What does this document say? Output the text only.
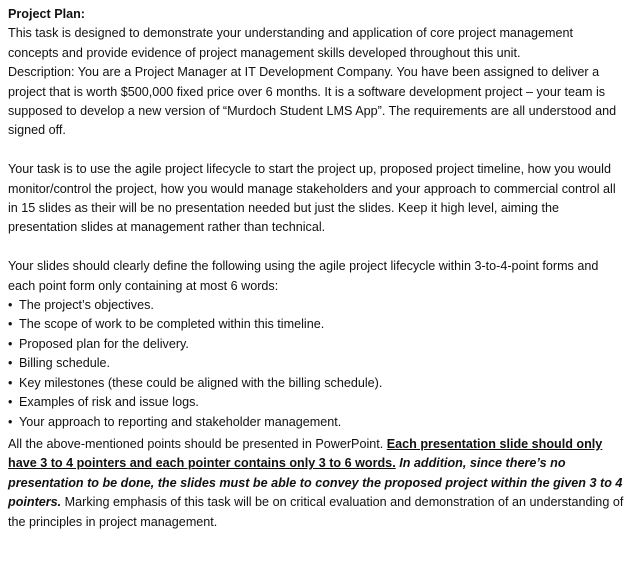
Project Plan:

This task is designed to demonstrate your understanding and application of core project management concepts and provide evidence of project management skills developed throughout this unit.

Description: You are a Project Manager at IT Development Company. You have been assigned to deliver a project that is worth $500,000 fixed price over 6 months. It is a software development project – your team is supposed to develop a new version of “Murdoch Student LMS App”. The requirements are all understood and signed off.

Your task is to use the agile project lifecycle to start the project up, proposed project timeline, how you would monitor/control the project, how you would manage stakeholders and your approach to commercial control all in 15 slides as their will be no presentation needed but just the slides. Keep it high level, aiming the presentation slides at management rather than technical.

Your slides should clearly define the following using the agile project lifecycle within 3-to-4-point forms and each point form only containing at most 6 words:

• The project’s objectives.
• The scope of work to be completed within this timeline.
• Proposed plan for the delivery.
• Billing schedule.
• Key milestones (these could be aligned with the billing schedule).
• Examples of risk and issue logs.
• Your approach to reporting and stakeholder management.

All the above-mentioned points should be presented in PowerPoint. Each presentation slide should only have 3 to 4 pointers and each pointer contains only 3 to 6 words. In addition, since there’s no presentation to be done, the slides must be able to convey the proposed project within the given 3 to 4 pointers. Marking emphasis of this task will be on critical evaluation and demonstration of an understanding of the principles in project management.
